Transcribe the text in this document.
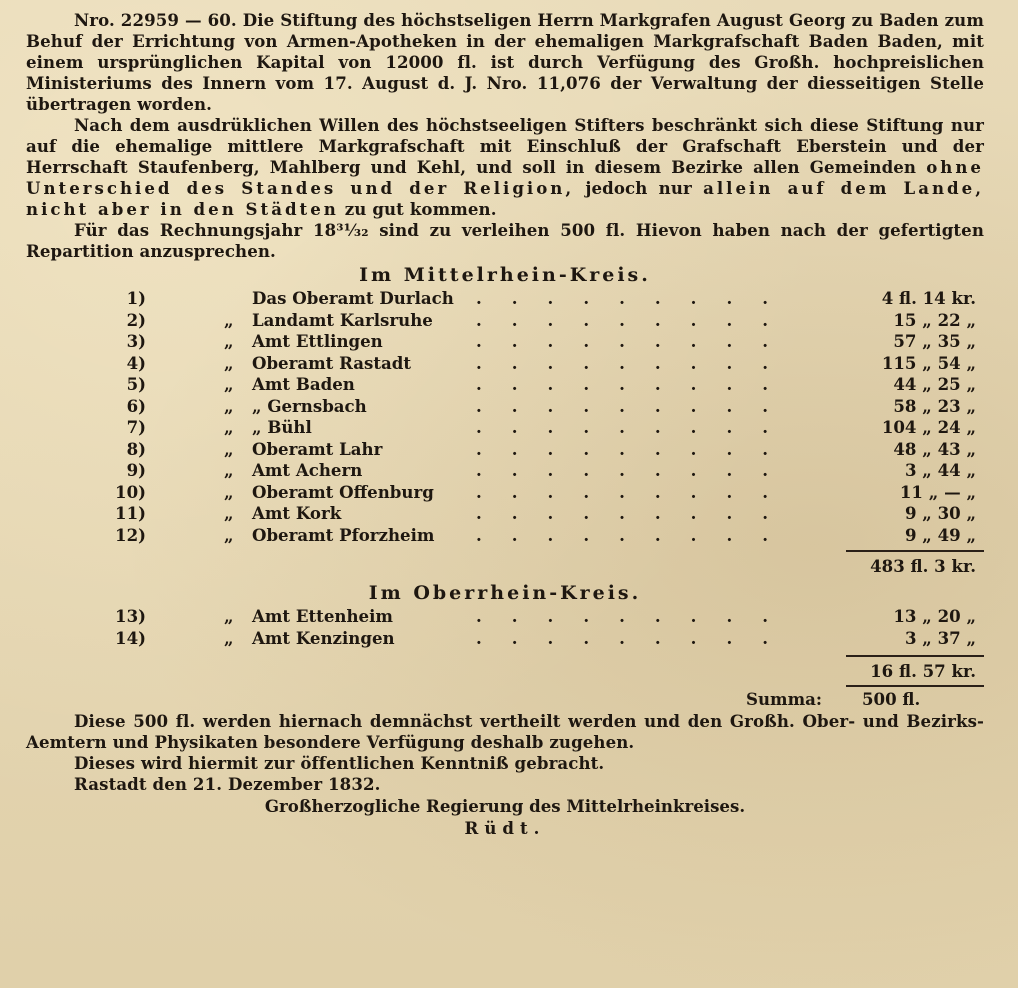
Nro. 22959 — 60. Die Stiftung des höchstseligen Herrn Markgrafen August Georg zu Baden zum Behuf der Errichtung von Armen-Apotheken in der ehemaligen Markgrafschaft Baden Baden, mit einem ursprünglichen Kapital von 12000 fl. ist durch Verfügung des Großh. hochpreislichen Ministeriums des Innern vom 17. August d. J. Nro. 11,076 der Verwaltung der diesseitigen Stelle übertragen worden.

Nach dem ausdrüklichen Willen des höchstseeligen Stifters beschränkt sich diese Stiftung nur auf die ehemalige mittlere Markgrafschaft mit Einschluß der Grafschaft Eberstein und der Herrschaft Staufenberg, Mahlberg und Kehl, und soll in diesem Bezirke allen Gemeinden ohne Unterschied des Standes und der Religion, jedoch nur allein auf dem Lande, nicht aber in den Städten zu gut kommen.

Für das Rechnungsjahr 18³¹⁄₃₂ sind zu verleihen 500 fl. Hievon haben nach der gefertigten Repartition anzusprechen.

Im Mittelrhein-Kreis.

1)	Das Oberamt Durlach .........	4 fl. 14 kr.
2)	„ Landamt Karlsruhe	.........	15 „ 22 „
3)	„ Amt Ettlingen	.........	57 „ 35 „
4)	„ Oberamt Rastadt	.........	115 „ 54 „
5)	„ Amt Baden	.........	44 „ 25 „
6)	„ „ Gernsbach	.........	58 „ 23 „
7)	„ „ Bühl	.........	104 „ 24 „
8)	„ Oberamt Lahr	.........	48 „ 43 „
9)	„ Amt Achern	.........	3 „ 44 „
10)	„ Oberamt Offenburg	.........	11 „ — „
11)	„ Amt Kork	.........	9 „ 30 „
12)	„ Oberamt Pforzheim	.........	9 „ 49 „
483 fl. 3 kr.

Im Oberrhein-Kreis.

13)	„ Amt Ettenheim	.........	13 „ 20 „
14)	„ Amt Kenzingen	.........	3 „ 37 „
16 fl. 57 kr.
Summa: 500 fl.

Diese 500 fl. werden hiernach demnächst vertheilt werden und den Großh. Ober- und Bezirks-Aemtern und Physikaten besondere Verfügung deshalb zugehen.

Dieses wird hiermit zur öffentlichen Kenntniß gebracht.

Rastadt den 21. Dezember 1832.

Großherzogliche Regierung des Mittelrheinkreises.

Rüdt.
